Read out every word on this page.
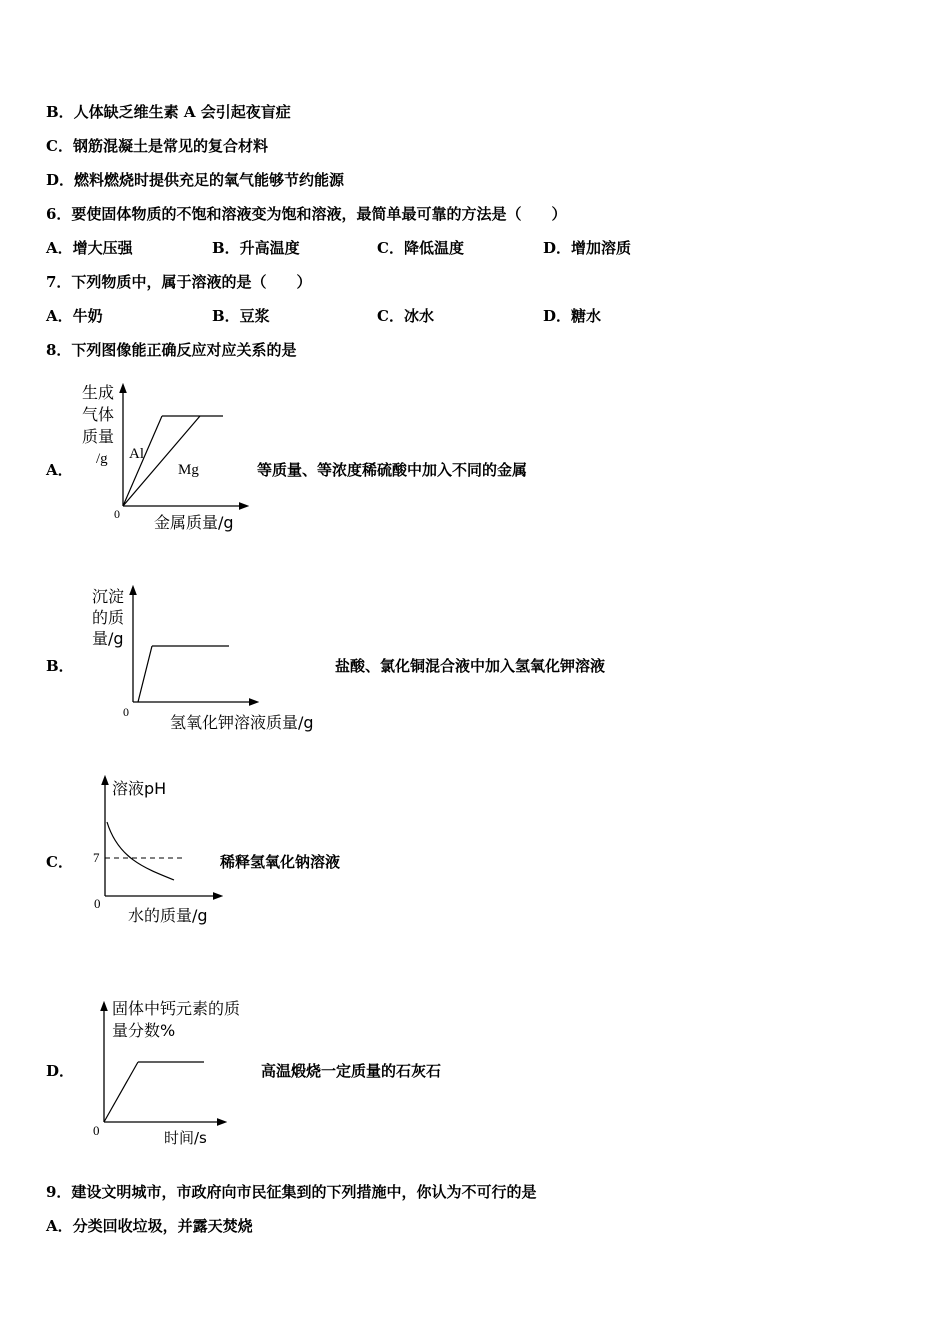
B．人体缺乏维生素 A 会引起夜盲症
C．钢筋混凝土是常见的复合材料
D．燃料燃烧时提供充足的氧气能够节约能源
6．要使固体物质的不饱和溶液变为饱和溶液，最简单最可靠的方法是（　　）
A．增大压强	B．升高温度	C．降低温度	D．增加溶质
7．下列物质中，属于溶液的是（　　）
A．牛奶	B．豆浆	C．冰水	D．糖水
8．下列图像能正确反应对应关系的是
A．
生成
气体
质量
/g Al
Mg
0 金属质量/g
等质量、等浓度稀硫酸中加入不同的金属
B．
沉淀
的质
量/g
0
氢氧化钾溶液质量/g
盐酸、氯化铜混合液中加入氢氧化钾溶液
C．
溶液pH
7
0
水的质量/g
稀释氢氧化钠溶液
D．
固体中钙元素的质
量分数%
0	时间/s
高温煅烧一定质量的石灰石
9．建设文明城市，市政府向市民征集到的下列措施中，你认为不可行的是
A．分类回收垃圾，并露天焚烧
